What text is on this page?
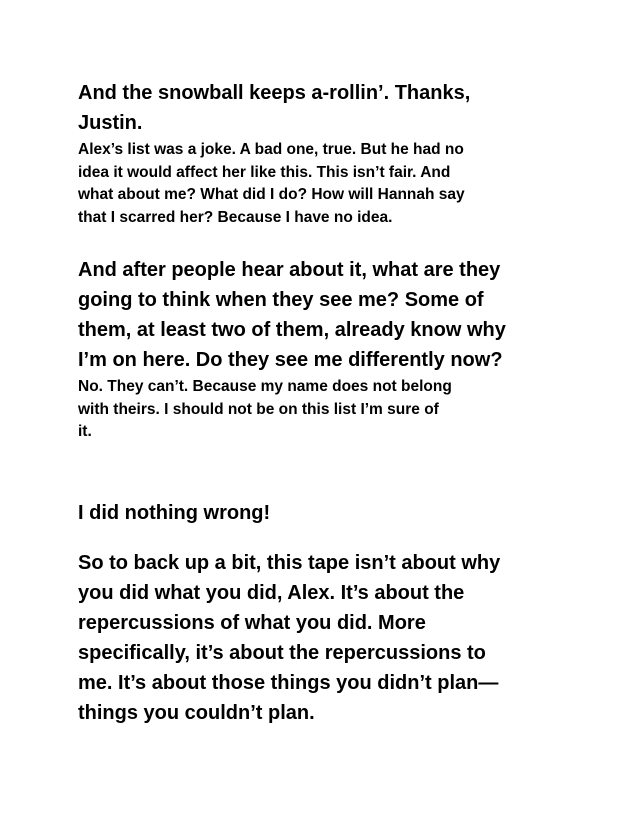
And the snowball keeps a-rollin’. Thanks,
Justin.

Alex’s list was a joke. A bad one, true. But he had no
idea it would affect her like this. This isn’t fair. And
what about me? What did I do? How will Hannah say
that I scarred her? Because I have no idea.

And after people hear about it, what are they
going to think when they see me? Some of
them, at least two of them, already know why
I’m on here. Do they see me differently now?

No. They can’t. Because my name does not belong
with theirs. I should not be on this list I’m sure of
it.

I did nothing wrong!

So to back up a bit, this tape isn’t about why
you did what you did, Alex. It’s about the
repercussions of what you did. More
specifically, it’s about the repercussions to
me. It’s about those things you didn’t plan—
things you couldn’t plan.
